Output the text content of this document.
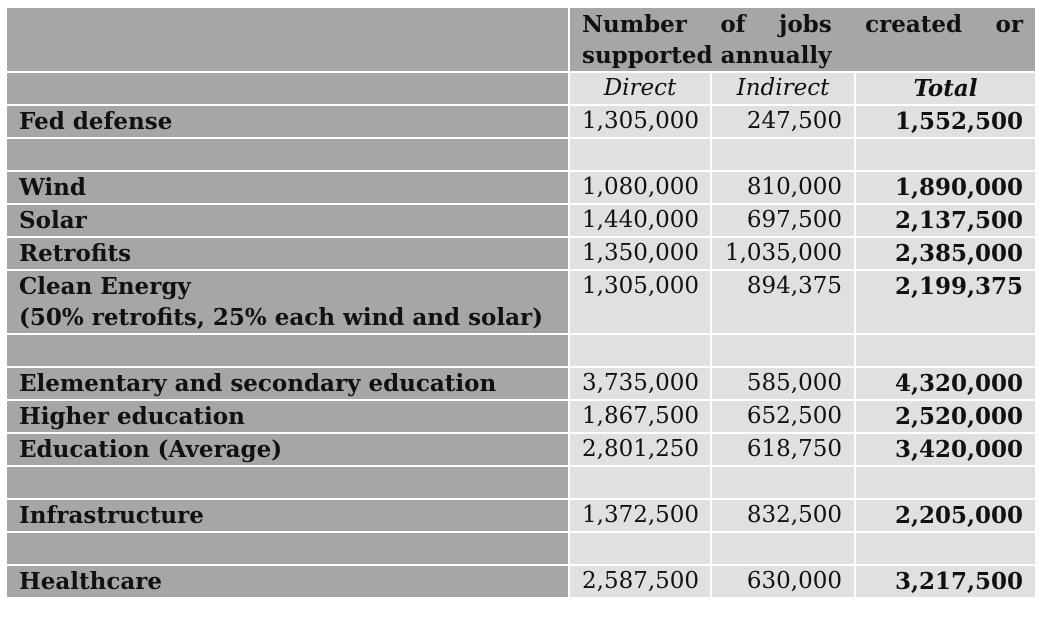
	Number of jobs created or supported annually		
	Direct	Indirect	Total
Fed defense	1,305,000	247,500	1,552,500

Wind	1,080,000	810,000	1,890,000
Solar	1,440,000	697,500	2,137,500
Retrofits	1,350,000	1,035,000	2,385,000

Clean Energy
(50% retrofits, 25% each wind and solar)	1,305,000	894,375	2,199,375

Elementary and secondary education	3,735,000	585,000	4,320,000
Higher education	1,867,500	652,500	2,520,000
Education (Average)	2,801,250	618,750	3,420,000

Infrastructure	1,372,500	832,500	2,205,000

Healthcare	2,587,500	630,000	3,217,500
